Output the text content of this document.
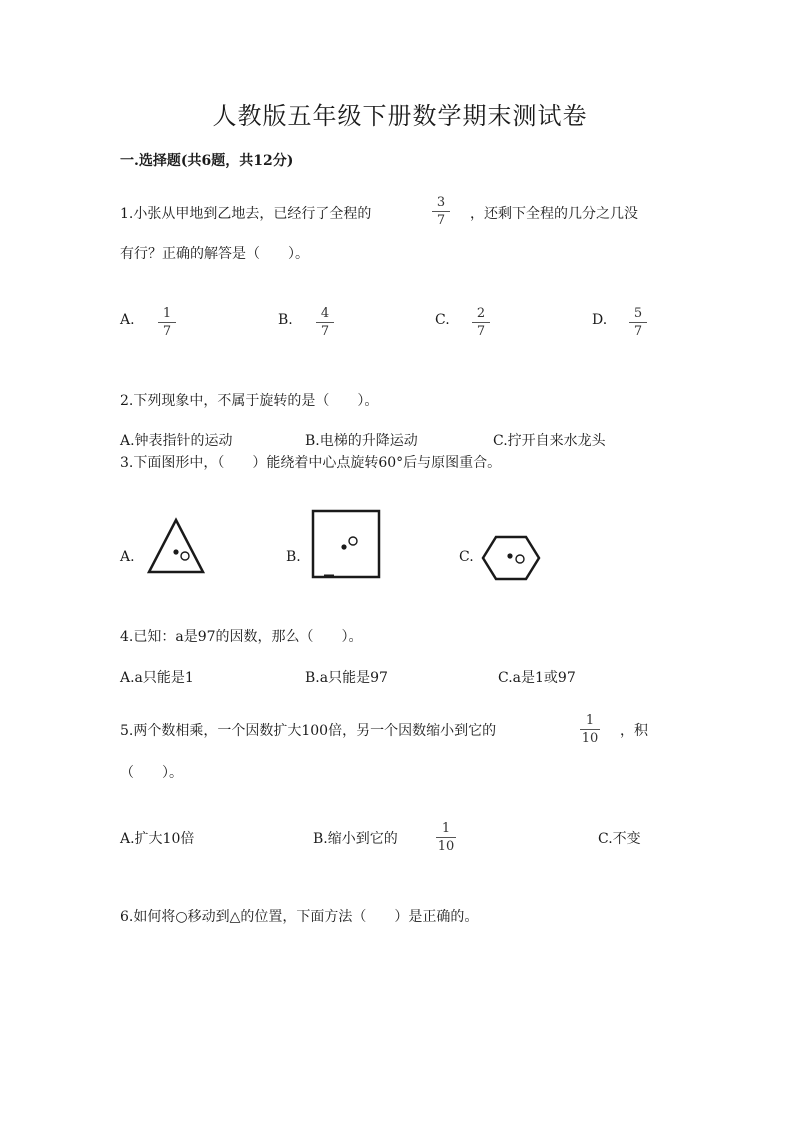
人教版五年级下册数学期末测试卷
一.选择题(共6题，共12分)
1.小张从甲地到乙地去，已经行了全程的
3
7	，还剩下全程的几分之几没
有行？正确的解答是（　　）。
A.	1
7
B.	4
7
C.	2
7
D.	5
7
2.下列现象中，不属于旋转的是（　　）。
A.钟表指针的运动	B.电梯的升降运动	C.拧开自来水龙头
3.下面图形中，（　　）能绕着中心点旋转60°后与原图重合。
A.	B.	C.
4.已知：a是97的因数，那么（　　）。
A.a只能是1	B.a只能是97	C.a是1或97
5.两个数相乘，一个因数扩大100倍，另一个因数缩小到它的
1
10	，积
（　　）。
A.扩大10倍	B.缩小到它的
1
10	C.不变
6.如何将○移动到△的位置，下面方法（　　）是正确的。
